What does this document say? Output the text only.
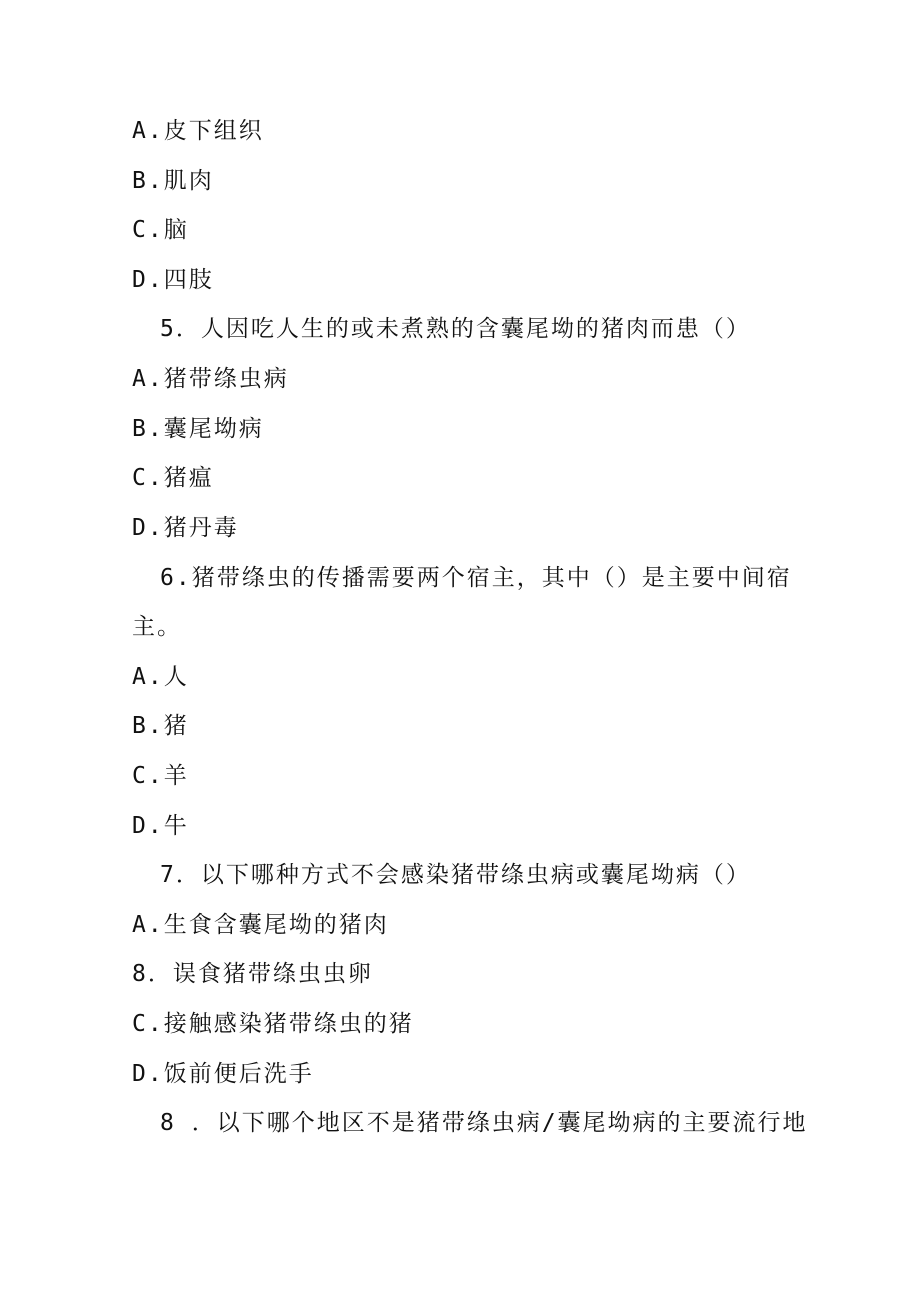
A.皮下组织
B.肌肉
C.脑
D.四肢
5．人因吃人生的或未煮熟的含囊尾坳的猪肉而患（）
A.猪带绦虫病
B.囊尾坳病
C.猪瘟
D.猪丹毒
6.猪带绦虫的传播需要两个宿主，其中（）是主要中间宿
主。
A.人
B.猪
C.羊
D.牛
7．以下哪种方式不会感染猪带绦虫病或囊尾坳病（）
A.生食含囊尾坳的猪肉
8．误食猪带绦虫虫卵
C.接触感染猪带绦虫的猪
D.饭前便后洗手
8 ．以下哪个地区不是猪带绦虫病/囊尾坳病的主要流行地
